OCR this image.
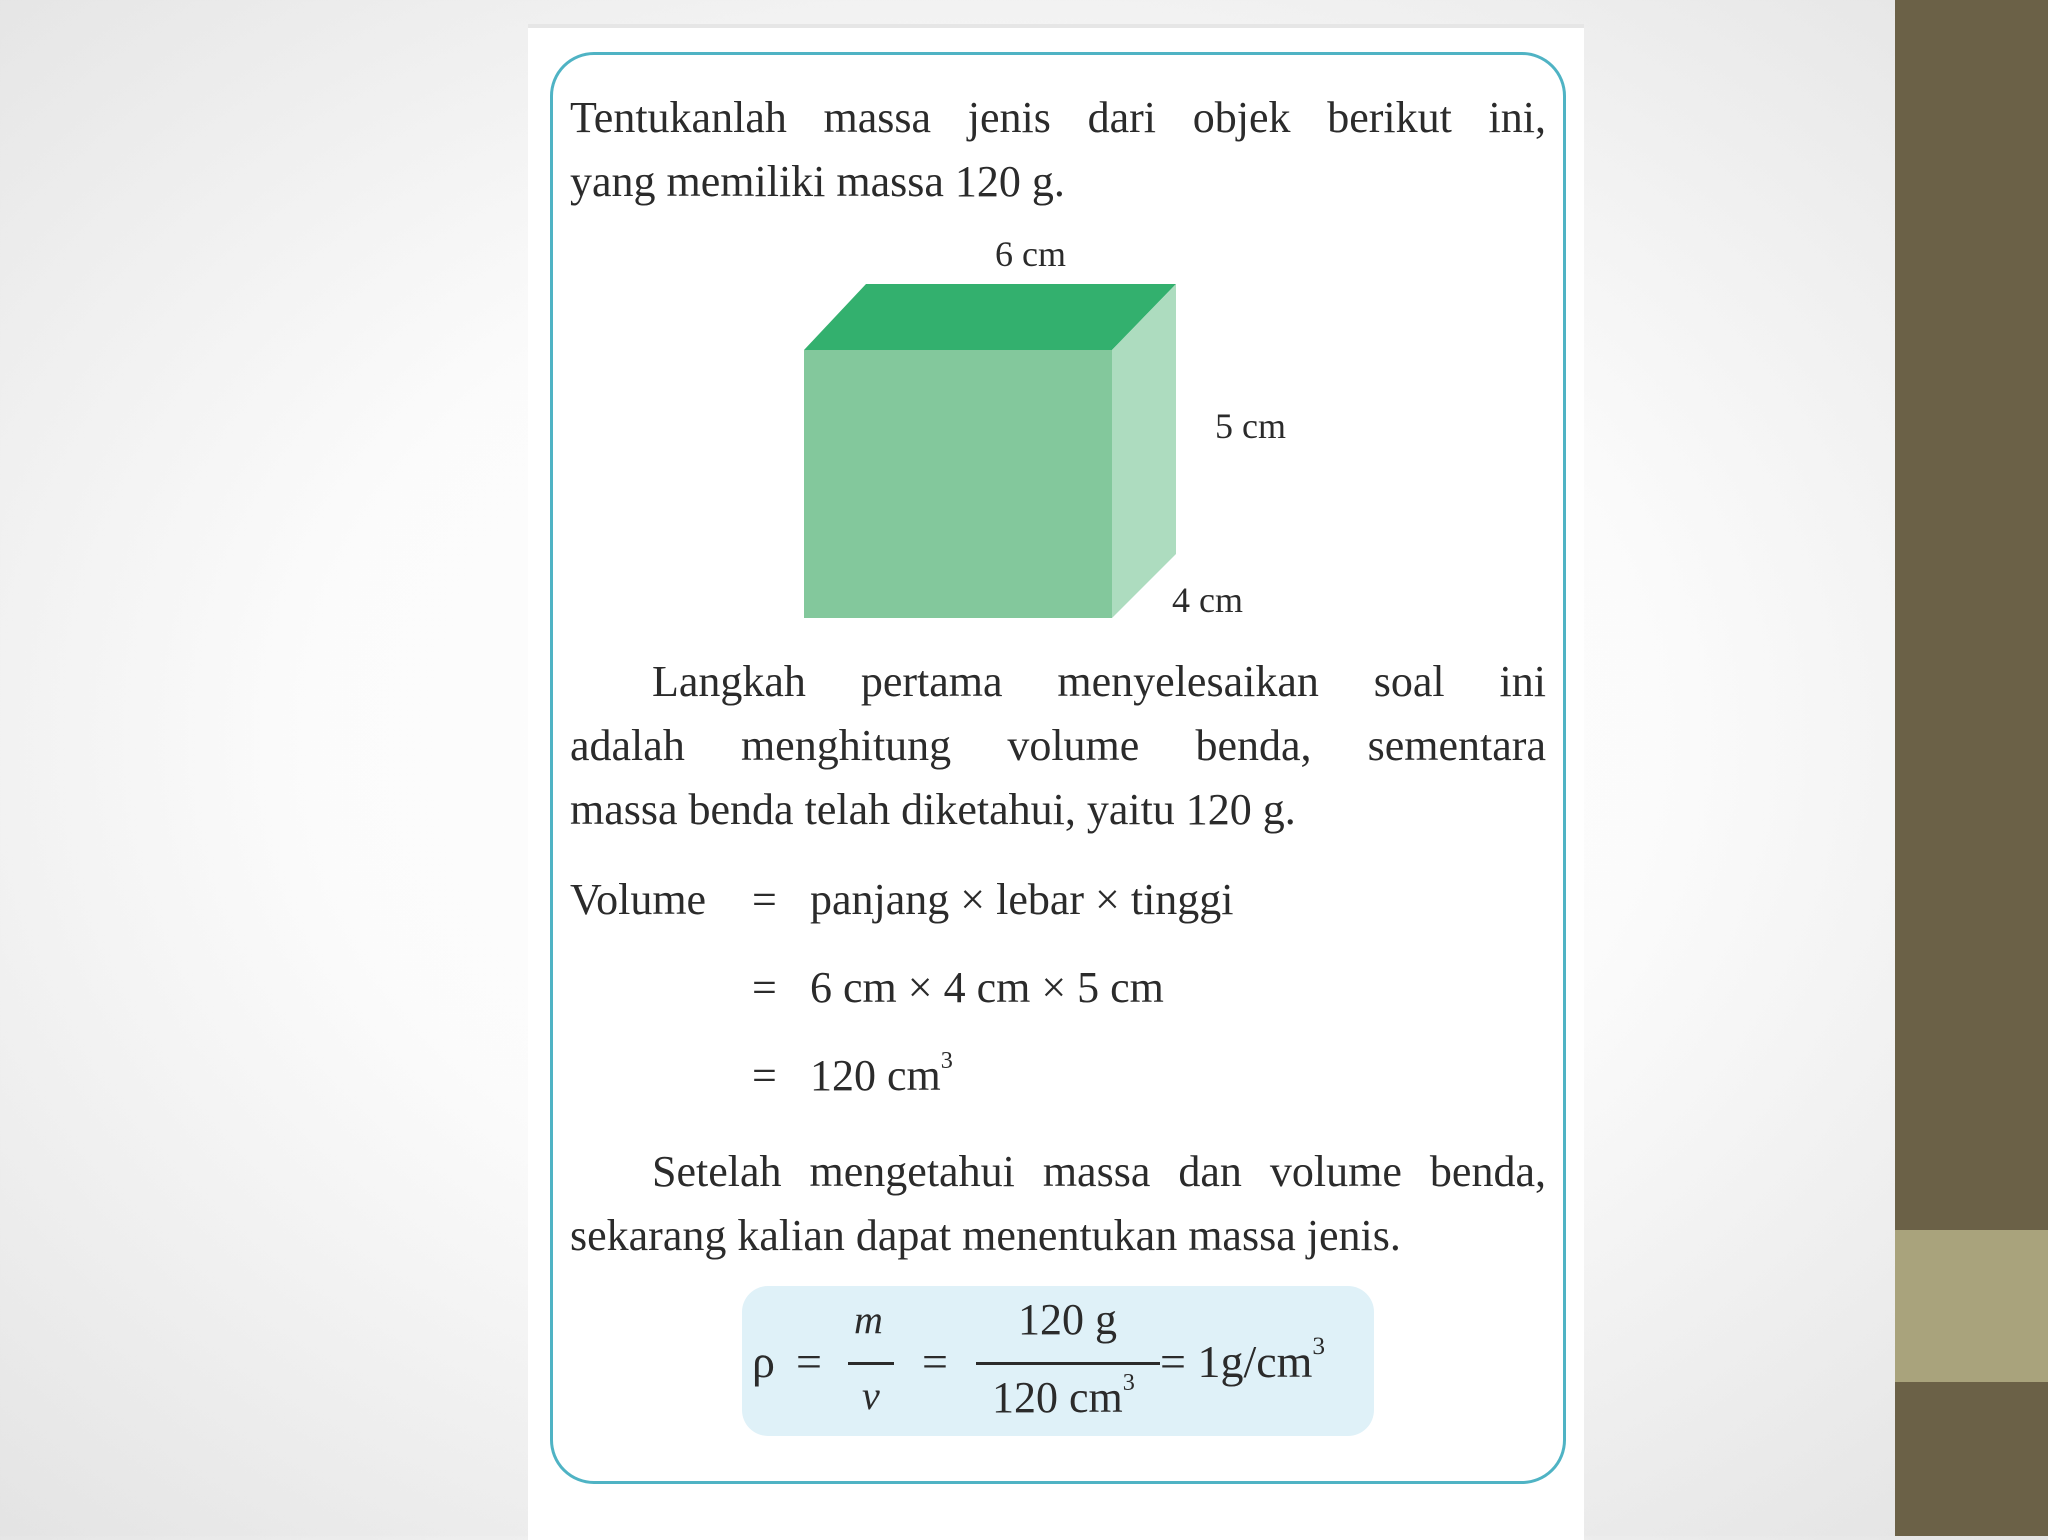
Tentukanlah massa jenis dari objek berikut ini,
yang memiliki massa 120 g.
6 cm
5 cm
4 cm
Langkah pertama menyelesaikan soal ini
adalah menghitung volume benda, sementara
massa benda telah diketahui, yaitu 120 g.
Volume = panjang × lebar × tinggi
= 6 cm × 4 cm × 5 cm
= 120 $cm^3$
Setelah mengetahui massa dan volume benda,
sekarang kalian dapat menentukan massa jenis.
ρ =
m
v
=
120 g
120 $cm^3 = 1g/cm^3$
